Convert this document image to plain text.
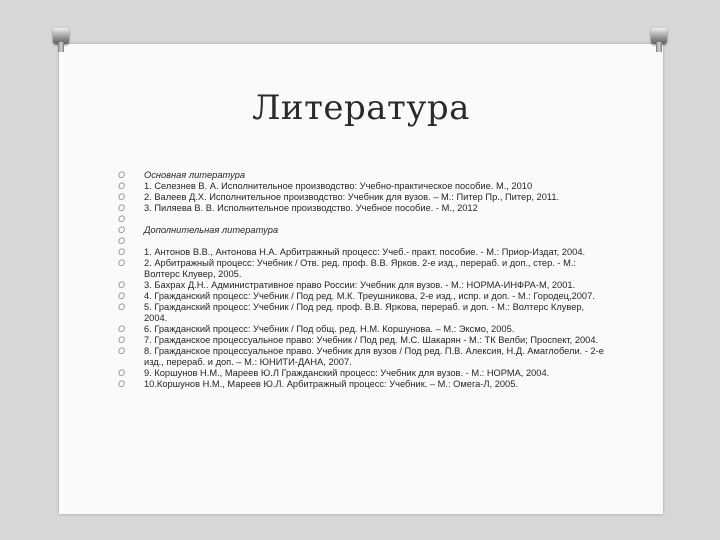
Литература

O Основная литература

O 1. Селезнев В. А. Исполнительное производство: Учебно-практическое пособие. М., 2010

O 2. Валеев Д.Х. Исполнительное производство: Учебник для вузов. – М.: Питер Пр., Питер, 2011.

O 3. Пиляева В. В. Исполнительное производство. Учебное пособие. - М., 2012

O

O Дополнительная литература

O

O 1. Антонов В.В., Антонова Н.А. Арбитражный процесс: Учеб.- практ. пособие. - М.: Приор-Издат, 2004.

O 2. Арбитражный процесс: Учебник / Отв. ред. проф. В.В. Ярков. 2-е изд., перераб. и доп., стер. - М.: Волтерс Клувер, 2005.

O 3. Бахрах Д.Н.. Административное право России: Учебник для вузов. - М.: НОРМА-ИНФРА-М, 2001.

O 4. Гражданский процесс: Учебник / Под ред. М.К. Треушникова, 2-е изд., испр. и доп. - М.: Городец,2007.

O 5. Гражданский процесс: Учебник / Под ред. проф. В.В. Яркова, перераб. и доп. - М.: Волтерс Клувер, 2004.

O 6. Гражданский процесс: Учебник / Под общ. ред. Н.М. Коршунова. – М.: Эксмо, 2005.

O 7. Гражданское процессуальное право: Учебник / Под ред. М.С. Шакарян - М.: ТК Велби; Проспект, 2004.

O 8. Гражданское процессуальное право. Учебник для вузов / Под ред. П.В. Алексия, Н.Д. Амаглобели. - 2-е изд., перераб. и доп. – М.: ЮНИТИ-ДАНА, 2007.

O 9. Коршунов Н.М., Мареев Ю.Л Гражданский процесс: Учебник для вузов. - М.: НОРМА, 2004.

O 10.Коршунов Н.М., Мареев Ю.Л. Арбитражный процесс: Учебник. – М.: Омега-Л, 2005.
